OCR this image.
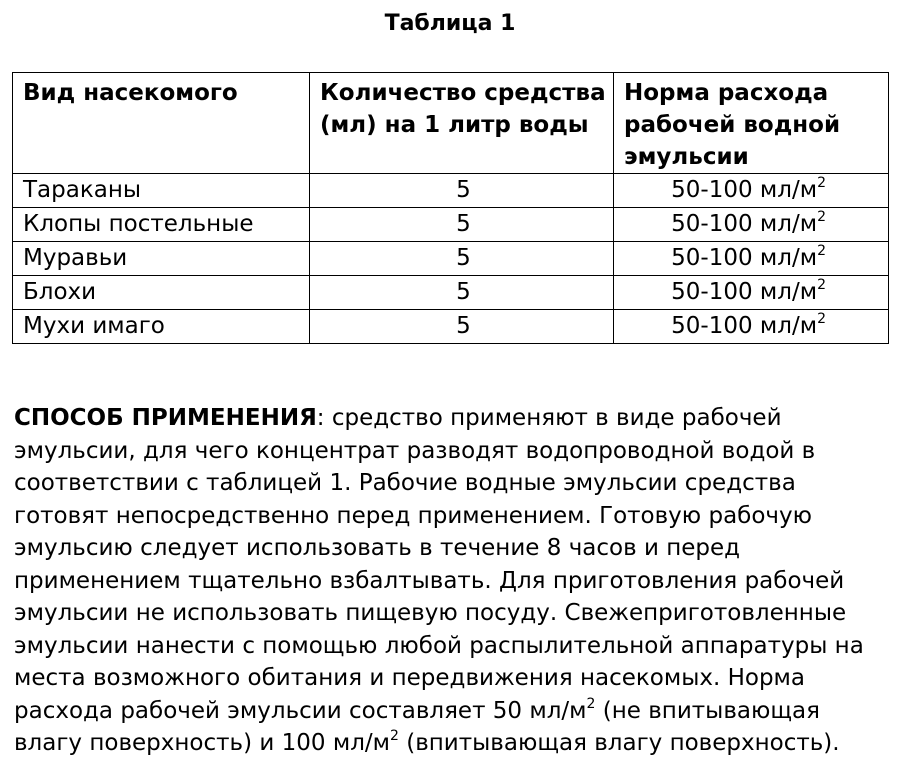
Таблица 1
Вид насекомого	Количество средства (мл) на 1 литр воды	Норма расхода рабочей водной эмульсии
Тараканы	5	50-100 $мл/м^2$
Клопы постельные	5	50-100 $мл/м^2$
Муравьи	5	50-100 $мл/м^2$
Блохи	5	50-100 $мл/м^2$
Мухи имаго	5	50-100 $мл/м^2$
СПОСОБ ПРИМЕНЕНИЯ: средство применяют в виде рабочей
эмульсии, для чего концентрат разводят водопроводной водой в
соответствии с таблицей 1. Рабочие водные эмульсии средства
готовят непосредственно перед применением. Готовую рабочую
эмульсию следует использовать в течение 8 часов и перед
применением тщательно взбалтывать. Для приготовления рабочей
эмульсии не использовать пищевую посуду. Свежеприготовленные
эмульсии нанести с помощью любой распылительной аппаратуры на
места возможного обитания и передвижения насекомых. Норма
расхода рабочей эмульсии составляет 50 $мл/м^2$ (не впитывающая
влагу поверхность) и 100 $мл/м^2$ (впитывающая влагу поверхность).
